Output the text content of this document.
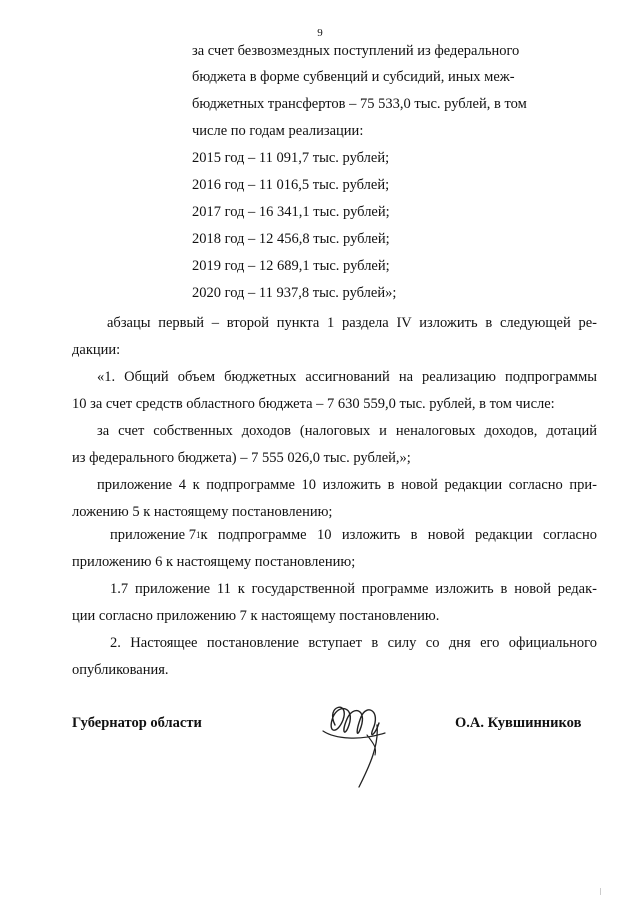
9
за счет безвозмездных поступлений из федерального
бюджета в форме субвенций и субсидий, иных меж-
бюджетных трансфертов – 75 533,0 тыс. рублей, в том
числе по годам реализации:
2015 год – 11 091,7 тыс. рублей;
2016 год – 11 016,5 тыс. рублей;
2017 год – 16 341,1 тыс. рублей;
2018 год – 12 456,8 тыс. рублей;
2019 год – 12 689,1 тыс. рублей;
2020 год – 11 937,8 тыс. рублей»;
абзацы первый – второй пункта 1 раздела IV изложить в следующей ре-
дакции:
«1. Общий объем бюджетных ассигнований на реализацию подпрограммы
10 за счет средств областного бюджета – 7 630 559,0 тыс. рублей, в том числе:
за счет собственных доходов (налоговых и неналоговых доходов, дотаций
из федерального бюджета) – 7 555 026,0 тыс. рублей,»;
приложение 4 к подпрограмме 10 изложить в новой редакции согласно при-
ложению 5 к настоящему постановлению;
приложение $7^1$ к подпрограмме 10 изложить в новой редакции согласно
приложению 6 к настоящему постановлению;
1.7 приложение 11 к государственной программе изложить в новой редак-
ции согласно приложению 7 к настоящему постановлению.
2. Настоящее постановление вступает в силу со дня его официального
опубликования.
Губернатор области	О.А. Кувшинников
